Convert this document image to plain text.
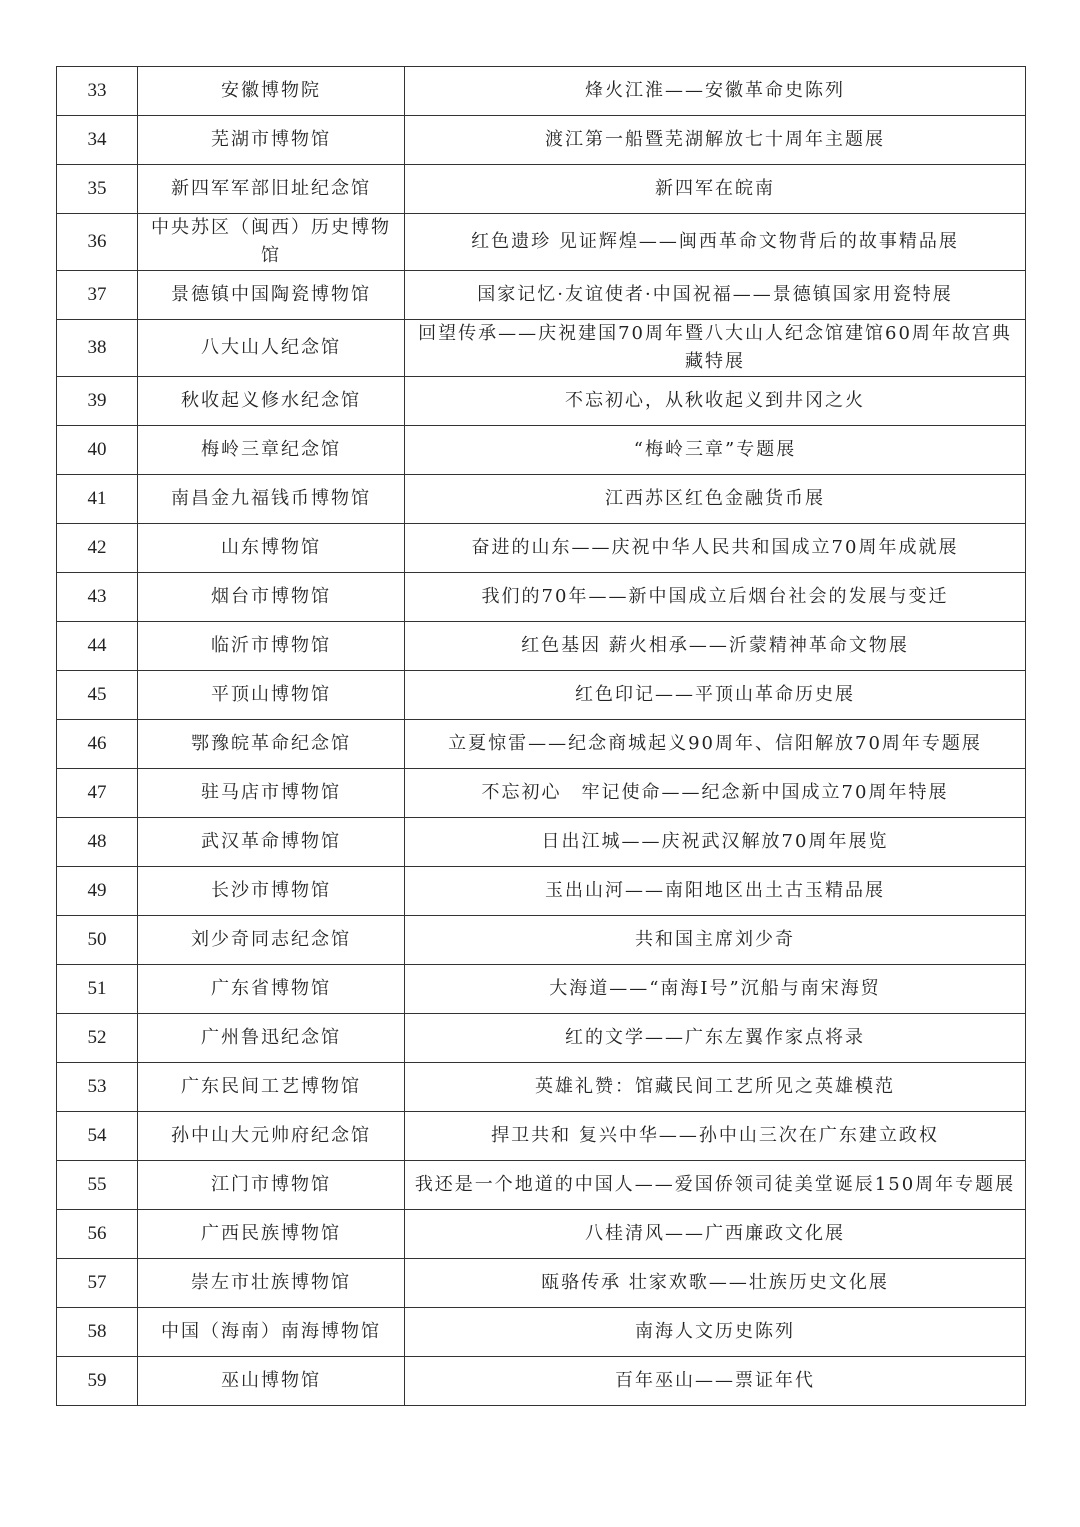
33	安徽博物院	烽火江淮——安徽革命史陈列
34	芜湖市博物馆	渡江第一船暨芜湖解放七十周年主题展
35	新四军军部旧址纪念馆	新四军在皖南
36	中央苏区（闽西）历史博物馆	红色遗珍 见证辉煌——闽西革命文物背后的故事精品展
37	景德镇中国陶瓷博物馆	国家记忆·友谊使者·中国祝福——景德镇国家用瓷特展
38	八大山人纪念馆	回望传承——庆祝建国70周年暨八大山人纪念馆建馆60周年故宫典藏特展
39	秋收起义修水纪念馆	不忘初心，从秋收起义到井冈之火
40	梅岭三章纪念馆	“梅岭三章”专题展
41	南昌金九福钱币博物馆	江西苏区红色金融货币展
42	山东博物馆	奋进的山东——庆祝中华人民共和国成立70周年成就展
43	烟台市博物馆	我们的70年——新中国成立后烟台社会的发展与变迁
44	临沂市博物馆	红色基因 薪火相承——沂蒙精神革命文物展
45	平顶山博物馆	红色印记——平顶山革命历史展
46	鄂豫皖革命纪念馆	立夏惊雷——纪念商城起义90周年、信阳解放70周年专题展
47	驻马店市博物馆	不忘初心　牢记使命——纪念新中国成立70周年特展
48	武汉革命博物馆	日出江城——庆祝武汉解放70周年展览
49	长沙市博物馆	玉出山河——南阳地区出土古玉精品展
50	刘少奇同志纪念馆	共和国主席刘少奇
51	广东省博物馆	大海道——“南海Ⅰ号”沉船与南宋海贸
52	广州鲁迅纪念馆	红的文学——广东左翼作家点将录
53	广东民间工艺博物馆	英雄礼赞：馆藏民间工艺所见之英雄模范
54	孙中山大元帅府纪念馆	捍卫共和 复兴中华——孙中山三次在广东建立政权
55	江门市博物馆	我还是一个地道的中国人——爱国侨领司徒美堂诞辰150周年专题展
56	广西民族博物馆	八桂清风——广西廉政文化展
57	崇左市壮族博物馆	瓯骆传承 壮家欢歌——壮族历史文化展
58	中国（海南）南海博物馆	南海人文历史陈列
59	巫山博物馆	百年巫山——票证年代
